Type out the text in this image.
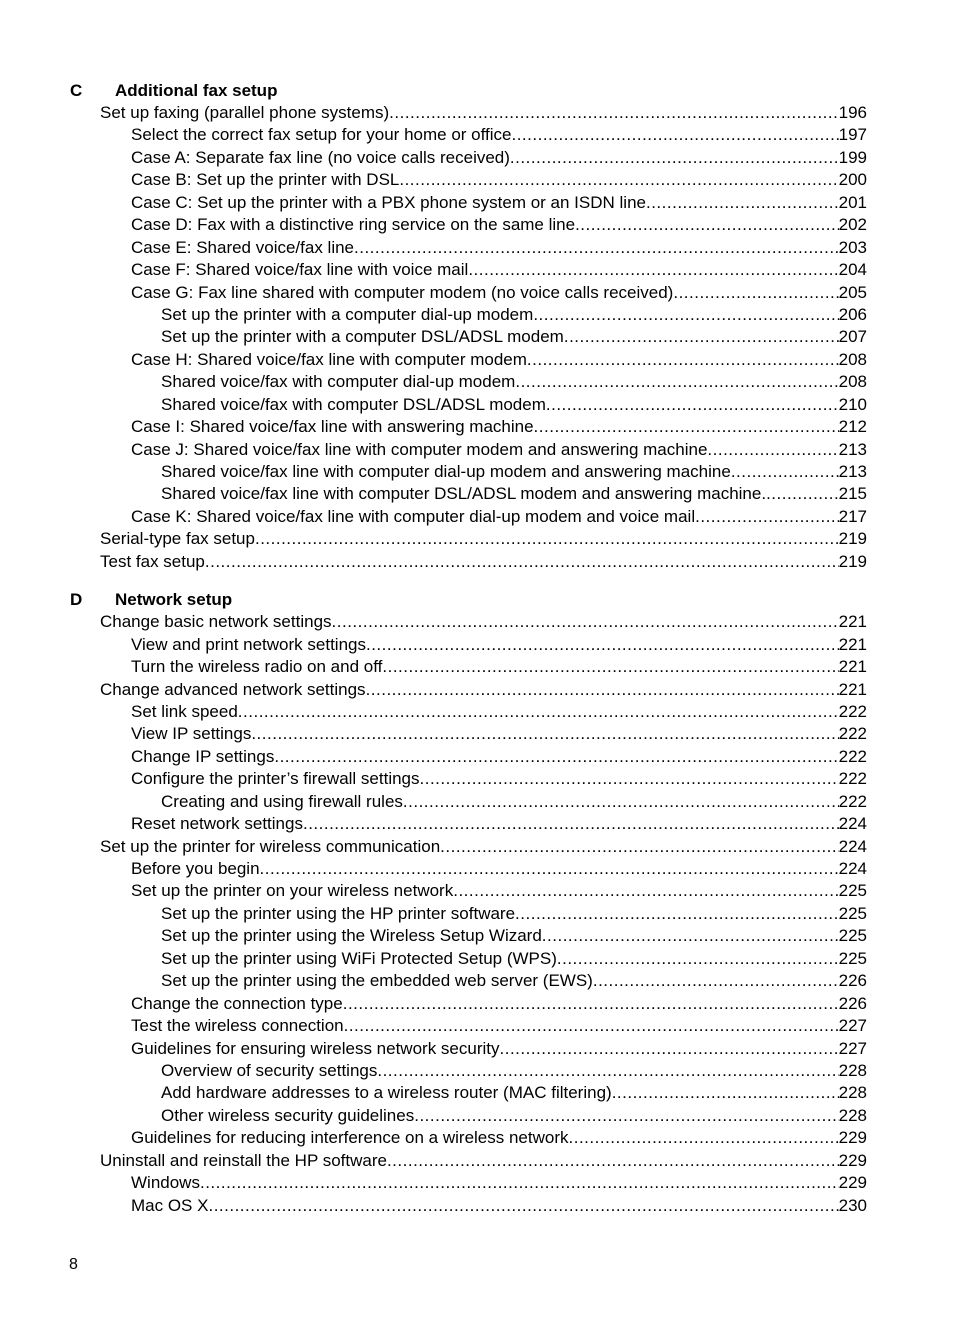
C	Additional fax setup
Set up faxing (parallel phone systems) .....	196
Select the correct fax setup for your home or office .....	197
Case A: Separate fax line (no voice calls received) .....	199
Case B: Set up the printer with DSL .....	200
Case C: Set up the printer with a PBX phone system or an ISDN line .....	201
Case D: Fax with a distinctive ring service on the same line .....	202
Case E: Shared voice/fax line .....	203
Case F: Shared voice/fax line with voice mail .....	204
Case G: Fax line shared with computer modem (no voice calls received) .....	205
Set up the printer with a computer dial-up modem .....	206
Set up the printer with a computer DSL/ADSL modem .....	207
Case H: Shared voice/fax line with computer modem .....	208
Shared voice/fax with computer dial-up modem .....	208
Shared voice/fax with computer DSL/ADSL modem .....	210
Case I: Shared voice/fax line with answering machine .....	212
Case J: Shared voice/fax line with computer modem and answering machine .....	213
Shared voice/fax line with computer dial-up modem and answering machine .....	213
Shared voice/fax line with computer DSL/ADSL modem and answering machine. .....	215
Case K: Shared voice/fax line with computer dial-up modem and voice mail .....	217
Serial-type fax setup .....	219
Test fax setup .....	219
D	Network setup
Change basic network settings .....	221
View and print network settings .....	221
Turn the wireless radio on and off .....	221
Change advanced network settings .....	221
Set link speed .....	222
View IP settings .....	222
Change IP settings .....	222
Configure the printer’s firewall settings .....	222
Creating and using firewall rules .....	222
Reset network settings .....	224
Set up the printer for wireless communication .....	224
Before you begin .....	224
Set up the printer on your wireless network .....	225
Set up the printer using the HP printer software .....	225
Set up the printer using the Wireless Setup Wizard .....	225
Set up the printer using WiFi Protected Setup (WPS) .....	225
Set up the printer using the embedded web server (EWS) .....	226
Change the connection type .....	226
Test the wireless connection .....	227
Guidelines for ensuring wireless network security .....	227
Overview of security settings .....	228
Add hardware addresses to a wireless router (MAC filtering) .....	228
Other wireless security guidelines .....	228
Guidelines for reducing interference on a wireless network .....	229
Uninstall and reinstall the HP software .....	229
Windows .....	229
Mac OS X .....	230
8
